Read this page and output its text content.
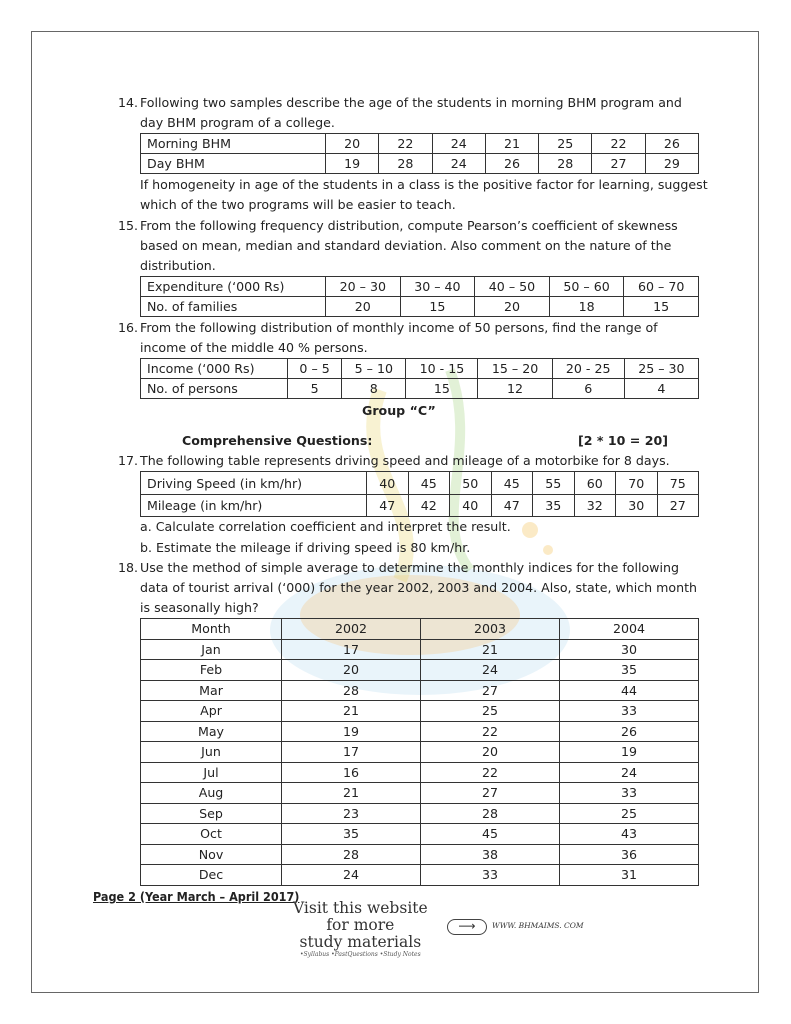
14. Following two samples describe the age of the students in morning BHM program and
day BHM program of a college.
Morning BHM	20	22	24	21	25	22	26
Day BHM	19	28	24	26	28	27	29
If homogeneity in age of the students in a class is the positive factor for learning, suggest
which of the two programs will be easier to teach.
15. From the following frequency distribution, compute Pearson’s coefficient of skewness
based on mean, median and standard deviation. Also comment on the nature of the
distribution.
Expenditure (‘000 Rs)	20 – 30	30 – 40	40 – 50	50 – 60	60 – 70
No. of families	20	15	20	18	15
16. From the following distribution of monthly income of 50 persons, find the range of
income of the middle 40 % persons.
Income (‘000 Rs)	0 – 5	5 – 10	10 - 15	15 – 20	20 - 25	25 – 30
No. of persons	5	8	15	12	6	4
Group “C”
Comprehensive Questions:	[2 * 10 = 20]
17. The following table represents driving speed and mileage of a motorbike for 8 days.
Driving Speed (in km/hr)	40	45	50	45	55	60	70	75
Mileage (in km/hr)	47	42	40	47	35	32	30	27
a. Calculate correlation coefficient and interpret the result.
b. Estimate the mileage if driving speed is 80 km/hr.
18. Use the method of simple average to determine the monthly indices for the following
data of tourist arrival (‘000) for the year 2002, 2003 and 2004. Also, state, which month
is seasonally high?
Month	2002	2003	2004
Jan	17	21	30
Feb	20	24	35
Mar	28	27	44
Apr	21	25	33
May	19	22	26
Jun	17	20	19
Jul	16	22	24
Aug	21	27	33
Sep	23	28	25
Oct	35	45	43
Nov	28	38	36
Dec	24	33	31
Page 2 (Year March – April 2017)
Visit this website
for more
study materials
•Syllabus •PastQuestions •Study Notes
⟶	WWW. BHMAIMS. COM
